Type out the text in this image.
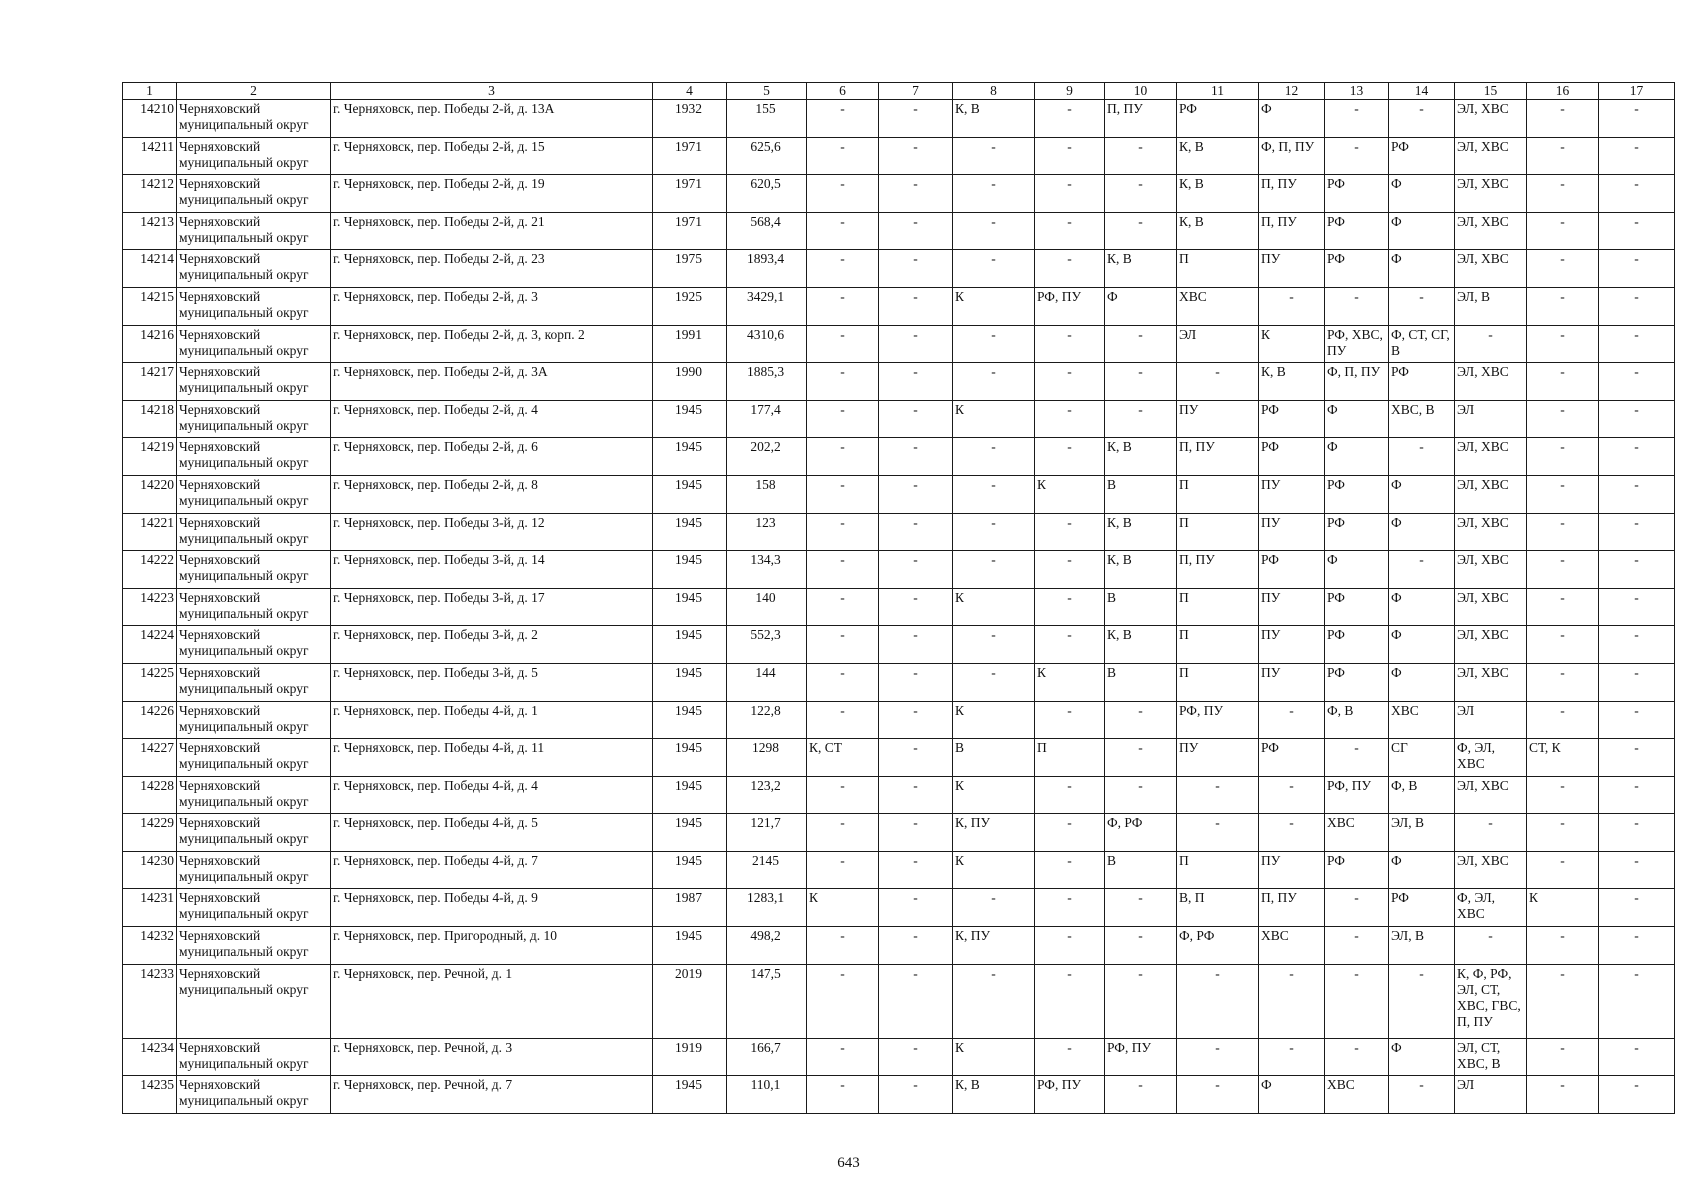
1	2	3	4	5	6	7	8	9	10	11	12	13	14	15	16	17
14210	Черняховский муниципальный округ	г. Черняховск, пер. Победы 2-й, д. 13А	1932	155	-	-	К, В	-	П, ПУ	РФ	Ф	-	-	ЭЛ, ХВС	-	-
14211	Черняховский муниципальный округ	г. Черняховск, пер. Победы 2-й, д. 15	1971	625,6	-	-	-	-	-	К, В	Ф, П, ПУ	-	РФ	ЭЛ, ХВС	-	-
14212	Черняховский муниципальный округ	г. Черняховск, пер. Победы 2-й, д. 19	1971	620,5	-	-	-	-	-	К, В	П, ПУ	РФ	Ф	ЭЛ, ХВС	-	-
14213	Черняховский муниципальный округ	г. Черняховск, пер. Победы 2-й, д. 21	1971	568,4	-	-	-	-	-	К, В	П, ПУ	РФ	Ф	ЭЛ, ХВС	-	-
14214	Черняховский муниципальный округ	г. Черняховск, пер. Победы 2-й, д. 23	1975	1893,4	-	-	-	-	К, В	П	ПУ	РФ	Ф	ЭЛ, ХВС	-	-
14215	Черняховский муниципальный округ	г. Черняховск, пер. Победы 2-й, д. 3	1925	3429,1	-	-	К	РФ, ПУ	Ф	ХВС	-	-	-	ЭЛ, В	-	-
14216	Черняховский муниципальный округ	г. Черняховск, пер. Победы 2-й, д. 3, корп. 2	1991	4310,6	-	-	-	-	-	ЭЛ	К	РФ, ХВС, ПУ	Ф, СТ, СГ, В	-	-	-
14217	Черняховский муниципальный округ	г. Черняховск, пер. Победы 2-й, д. 3А	1990	1885,3	-	-	-	-	-	-	К, В	Ф, П, ПУ	РФ	ЭЛ, ХВС	-	-
14218	Черняховский муниципальный округ	г. Черняховск, пер. Победы 2-й, д. 4	1945	177,4	-	-	К	-	-	ПУ	РФ	Ф	ХВС, В	ЭЛ	-	-
14219	Черняховский муниципальный округ	г. Черняховск, пер. Победы 2-й, д. 6	1945	202,2	-	-	-	-	К, В	П, ПУ	РФ	Ф	-	ЭЛ, ХВС	-	-
14220	Черняховский муниципальный округ	г. Черняховск, пер. Победы 2-й, д. 8	1945	158	-	-	-	К	В	П	ПУ	РФ	Ф	ЭЛ, ХВС	-	-
14221	Черняховский муниципальный округ	г. Черняховск, пер. Победы 3-й, д. 12	1945	123	-	-	-	-	К, В	П	ПУ	РФ	Ф	ЭЛ, ХВС	-	-
14222	Черняховский муниципальный округ	г. Черняховск, пер. Победы 3-й, д. 14	1945	134,3	-	-	-	-	К, В	П, ПУ	РФ	Ф	-	ЭЛ, ХВС	-	-
14223	Черняховский муниципальный округ	г. Черняховск, пер. Победы 3-й, д. 17	1945	140	-	-	К	-	В	П	ПУ	РФ	Ф	ЭЛ, ХВС	-	-
14224	Черняховский муниципальный округ	г. Черняховск, пер. Победы 3-й, д. 2	1945	552,3	-	-	-	-	К, В	П	ПУ	РФ	Ф	ЭЛ, ХВС	-	-
14225	Черняховский муниципальный округ	г. Черняховск, пер. Победы 3-й, д. 5	1945	144	-	-	-	К	В	П	ПУ	РФ	Ф	ЭЛ, ХВС	-	-
14226	Черняховский муниципальный округ	г. Черняховск, пер. Победы 4-й, д. 1	1945	122,8	-	-	К	-	-	РФ, ПУ	-	Ф, В	ХВС	ЭЛ	-	-
14227	Черняховский муниципальный округ	г. Черняховск, пер. Победы 4-й, д. 11	1945	1298	К, СТ	-	В	П	-	ПУ	РФ	-	СГ	Ф, ЭЛ, ХВС	СТ, К	-
14228	Черняховский муниципальный округ	г. Черняховск, пер. Победы 4-й, д. 4	1945	123,2	-	-	К	-	-	-	-	РФ, ПУ	Ф, В	ЭЛ, ХВС	-	-
14229	Черняховский муниципальный округ	г. Черняховск, пер. Победы 4-й, д. 5	1945	121,7	-	-	К, ПУ	-	Ф, РФ	-	-	ХВС	ЭЛ, В	-	-	-
14230	Черняховский муниципальный округ	г. Черняховск, пер. Победы 4-й, д. 7	1945	2145	-	-	К	-	В	П	ПУ	РФ	Ф	ЭЛ, ХВС	-	-
14231	Черняховский муниципальный округ	г. Черняховск, пер. Победы 4-й, д. 9	1987	1283,1	К	-	-	-	-	В, П	П, ПУ	-	РФ	Ф, ЭЛ, ХВС	К	-
14232	Черняховский муниципальный округ	г. Черняховск, пер. Пригородный, д. 10	1945	498,2	-	-	К, ПУ	-	-	Ф, РФ	ХВС	-	ЭЛ, В	-	-	-
14233	Черняховский муниципальный округ	г. Черняховск, пер. Речной, д. 1	2019	147,5	-	-	-	-	-	-	-	-	-	К, Ф, РФ, ЭЛ, СТ, ХВС, ГВС, П, ПУ	-	-
14234	Черняховский муниципальный округ	г. Черняховск, пер. Речной, д. 3	1919	166,7	-	-	К	-	РФ, ПУ	-	-	-	Ф	ЭЛ, СТ, ХВС, В	-	-
14235	Черняховский муниципальный округ	г. Черняховск, пер. Речной, д. 7	1945	110,1	-	-	К, В	РФ, ПУ	-	-	Ф	ХВС	-	ЭЛ	-	-
643
